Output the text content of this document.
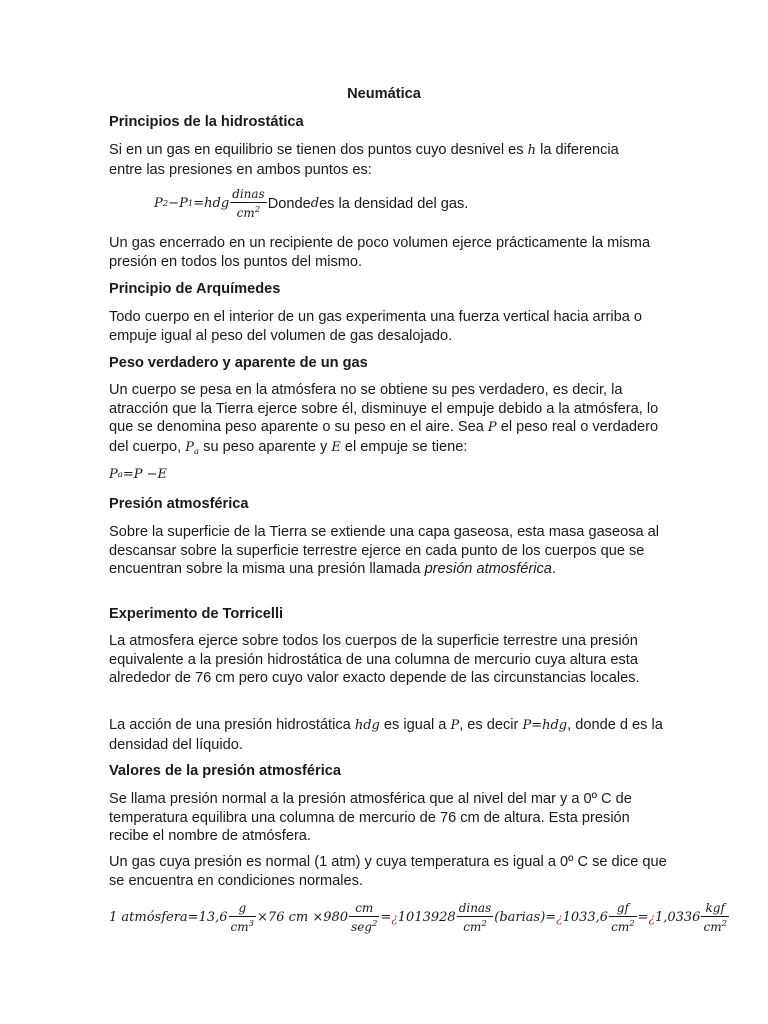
Neumática
Principios de la hidrostática

Si en un gas en equilibrio se tienen dos puntos cuyo desnivel es h la diferencia
entre las presiones en ambos puntos es:

P 2 −P $1 =hdg \frac{\text{dinas}}{cm^2}$ Donde d es la densidad del gas.

Un gas encerrado en un recipiente de poco volumen ejerce prácticamente la misma presión en todos los puntos del mismo.

Principio de Arquímedes

Todo cuerpo en el interior de un gas experimenta una fuerza vertical hacia arriba o empuje igual al peso del volumen de gas desalojado.

Peso verdadero y aparente de un gas

Un cuerpo se pesa en la atmósfera no se obtiene su pes verdadero, es decir, la atracción que la Tierra ejerce sobre él, disminuye el empuje debido a la atmósfera, lo que se denomina peso aparente o su peso en el aire. Sea P el peso real o verdadero del cuerpo, $P_a$ su peso aparente y E el empuje se tiene:

P a =P −E
Presión atmosférica

Sobre la superficie de la Tierra se extiende una capa gaseosa, esta masa gaseosa al descansar sobre la superficie terrestre ejerce en cada punto de los cuerpos que se encuentran sobre la misma una presión llamada presión atmosférica.

Experimento de Torricelli

La atmosfera ejerce sobre todos los cuerpos de la superficie terrestre una presión equivalente a la presión hidrostática de una columna de mercurio cuya altura esta alrededor de 76 cm pero cuyo valor exacto depende de las circunstancias locales.

La acción de una presión hidrostática hdg es igual a P, es decir P=hdg, donde d es la densidad del líquido.

Valores de la presión atmosférica

Se llama presión normal a la presión atmosférica que al nivel del mar y a 0º C de temperatura equilibra una columna de mercurio de 76 cm de altura. Esta presión recibe el nombre de atmósfera.

Un gas cuya presión es normal (1 atm) y cuya temperatura es igual a 0º C se dice que se encuentra en condiciones normales.

1 atmósfera=13,6 $\frac{g}{cm^3} \times 76$ cm $\times 980 \frac{cm}{seg^2}$ = ¿ $1013928 \frac{\text{dinas}}{cm^2}$ (barias)= ¿ $1033,6 \frac{gf}{cm^2}$ = ¿ $1,0336 \frac{\text{kgf}}{cm^2}$
